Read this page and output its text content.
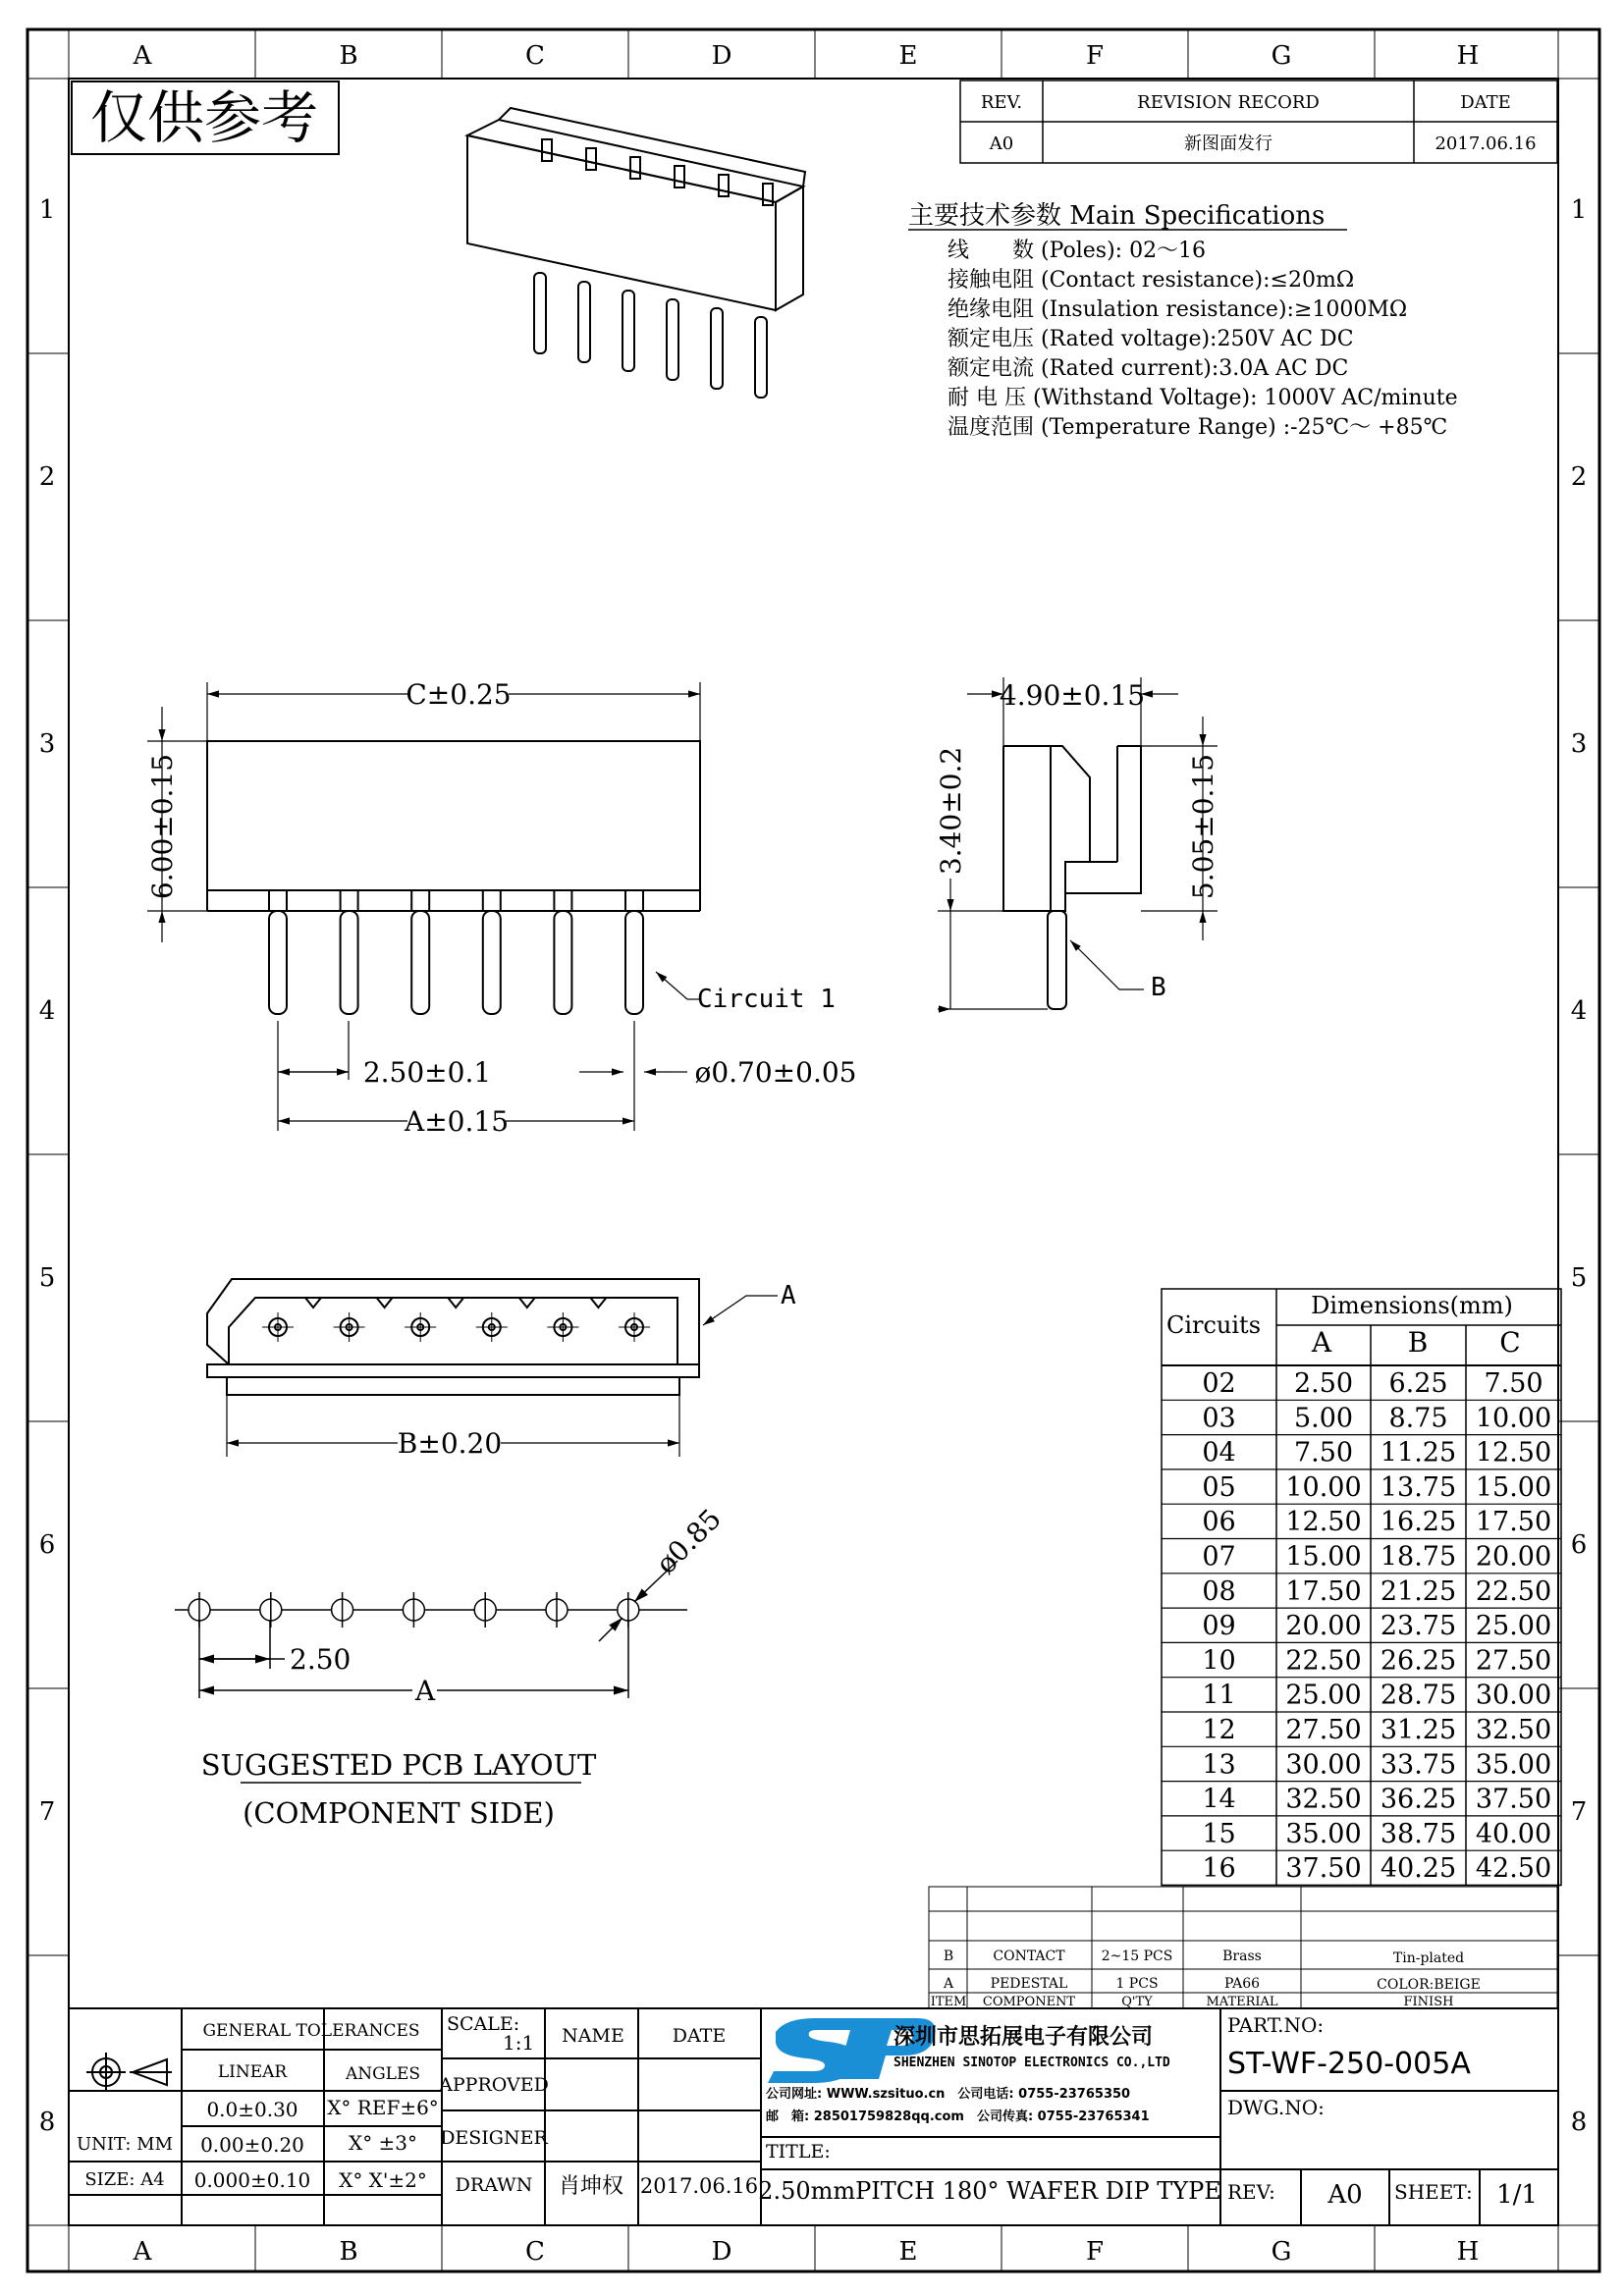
A	B	C	D	E	F	G	H
A	B	C	D	E	F	G	H
1
2
3
4
5
6
7
8
1
2
3
4
5
6
7
8
仅供参考	REV.	REVISION RECORD	DATE
A0	新图面发行	2017.06.16
主要技术参数 Main Specifications
线　　数 (Poles): 02～16
接触电阻 (Contact resistance):≤20mΩ
绝缘电阻 (Insulation resistance):≥1000MΩ
额定电压 (Rated voltage):250V AC DC
额定电流 (Rated current):3.0A AC DC
耐 电 压 (Withstand Voltage): 1000V AC/minute
温度范围 (Temperature Range) :-25℃～ +85℃
C±0.25
6.00±0.15
2.50±0.1	ø0.70±0.05
A±0.15
Circuit 1
4.90±0.15
3.40±0.2	5.05±0.15
B
A
B±0.20
ø0.85
2.50
A
SUGGESTED PCB LAYOUT
(COMPONENT SIDE)
Circuits
Dimensions(mm)
A	B	C
02 2.50 6.25 7.50
03 5.00 8.75 10.00
04 7.50 11.25 12.50
05 10.00 13.75 15.00
06 12.50 16.25 17.50
07 15.00 18.75 20.00
08 17.50 21.25 22.50
09 20.00 23.75 25.00
10 22.50 26.25 27.50
11 25.00 28.75 30.00
12 27.50 31.25 32.50
13 30.00 33.75 35.00
14 32.50 36.25 37.50
15 35.00 38.75 40.00
16 37.50 40.25 42.50
B	CONTACT	2~15 PCS	Brass	Tin-plated
A	PEDESTAL	1 PCS	PA66	COLOR:BEIGE
ITEM COMPONENT	Q'TY	MATERIAL	FINISH
GENERAL TOLERANCES
LINEAR	ANGLES
0.0±0.30 X° REF±6°
0.00±0.20 X° ±3°
0.000±0.10 X° X'±2°
UNIT: MM
SIZE: A4
SCALE:
1:1 NAME	DATE
APPROVED
DESIGNER
DRAWN 肖坤权 2017.06.16
深圳市思拓展电子有限公司
SHENZHEN SINOTOP ELECTRONICS CO.,LTD
公司网址: WWW.szsituo.cn　公司电话: 0755-23765350
邮　箱: 28501759828qq.com　公司传真: 0755-23765341
TITLE:
2.50mmPITCH 180° WAFER DIP TYPE
PART.NO:
ST-WF-250-005A
DWG.NO:
REV: A0 SHEET: 1/1
